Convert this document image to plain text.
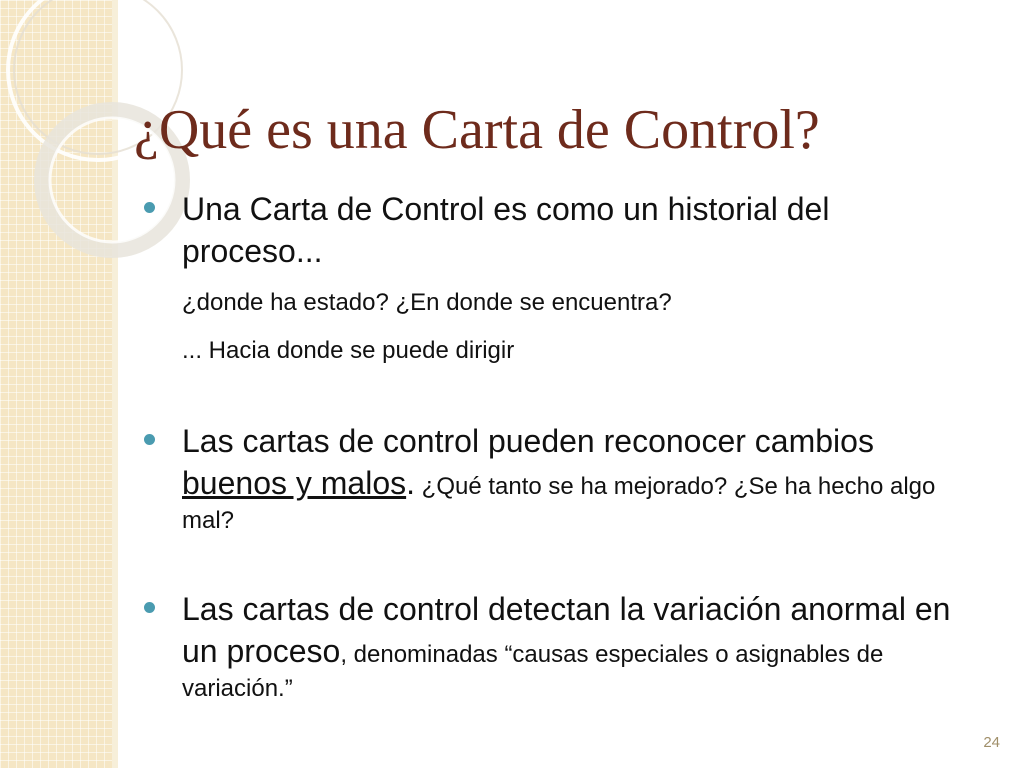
¿Qué es una Carta de Control?
Una Carta de Control es como un historial del proceso...
¿donde ha estado? ¿En donde se encuentra?
... Hacia donde se puede dirigir
Las cartas de control pueden reconocer cambios buenos y malos. ¿Qué tanto se ha mejorado? ¿Se ha hecho algo mal?
Las cartas de control detectan la variación anormal en un proceso, denominadas “causas especiales o asignables de variación.”
24
